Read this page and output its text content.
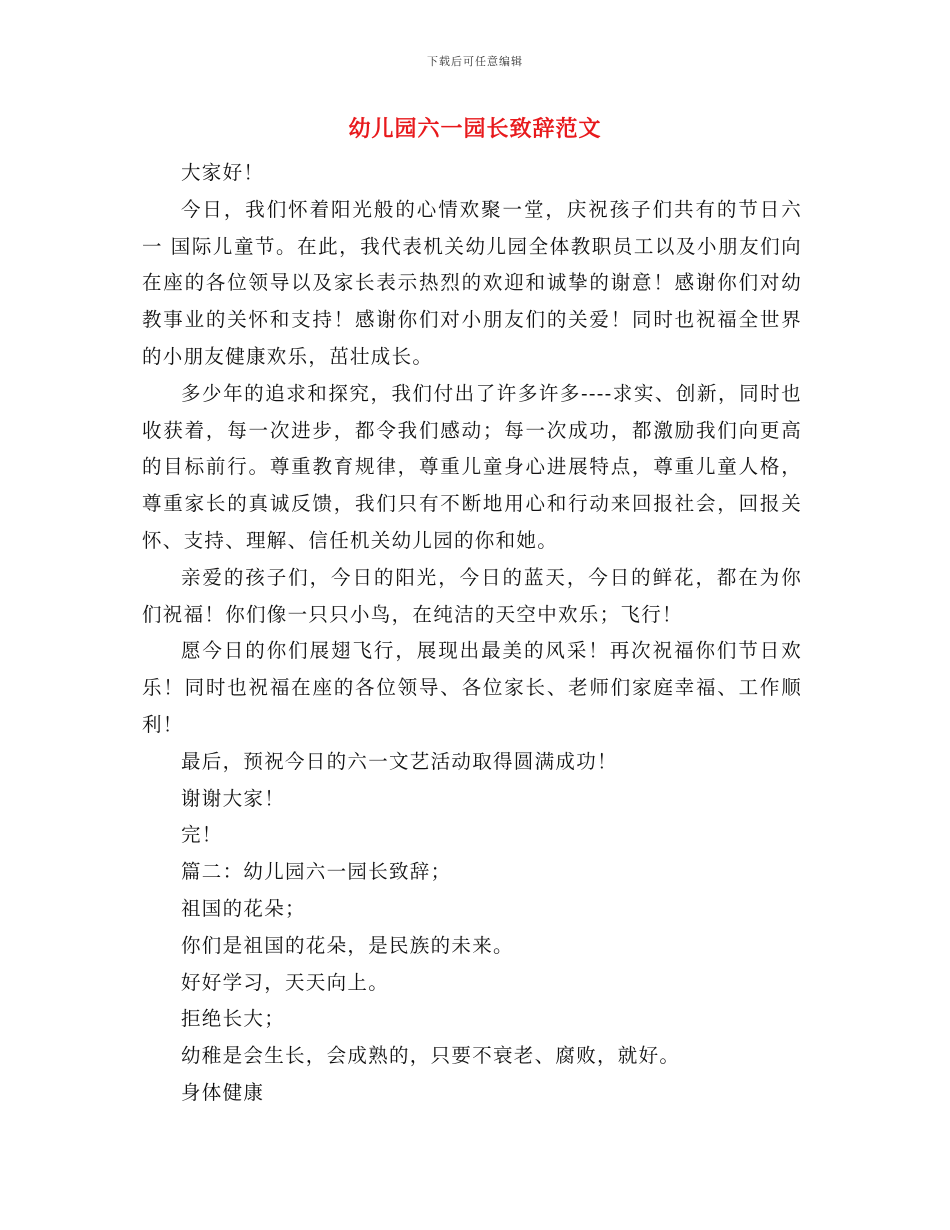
下载后可任意编辑
幼儿园六一园长致辞范文

大家好！

今日，我们怀着阳光般的心情欢聚一堂，庆祝孩子们共有的节日六一 国际儿童节。在此，我代表机关幼儿园全体教职员工以及小朋友们向在座的各位领导以及家长表示热烈的欢迎和诚挚的谢意！感谢你们对幼教事业的关怀和支持！感谢你们对小朋友们的关爱！同时也祝福全世界的小朋友健康欢乐，茁壮成长。

多少年的追求和探究，我们付出了许多许多----求实、创新，同时也收获着，每一次进步，都令我们感动；每一次成功，都激励我们向更高的目标前行。尊重教育规律，尊重儿童身心进展特点，尊重儿童人格，尊重家长的真诚反馈，我们只有不断地用心和行动来回报社会，回报关怀、支持、理解、信任机关幼儿园的你和她。

亲爱的孩子们，今日的阳光，今日的蓝天，今日的鲜花，都在为你们祝福！你们像一只只小鸟，在纯洁的天空中欢乐；飞行！

愿今日的你们展翅飞行，展现出最美的风采！再次祝福你们节日欢乐！同时也祝福在座的各位领导、各位家长、老师们家庭幸福、工作顺利！

最后，预祝今日的六一文艺活动取得圆满成功！

谢谢大家！

完！

篇二：幼儿园六一园长致辞；

祖国的花朵；

你们是祖国的花朵，是民族的未来。

好好学习，天天向上。

拒绝长大；

幼稚是会生长，会成熟的，只要不衰老、腐败，就好。

身体健康
